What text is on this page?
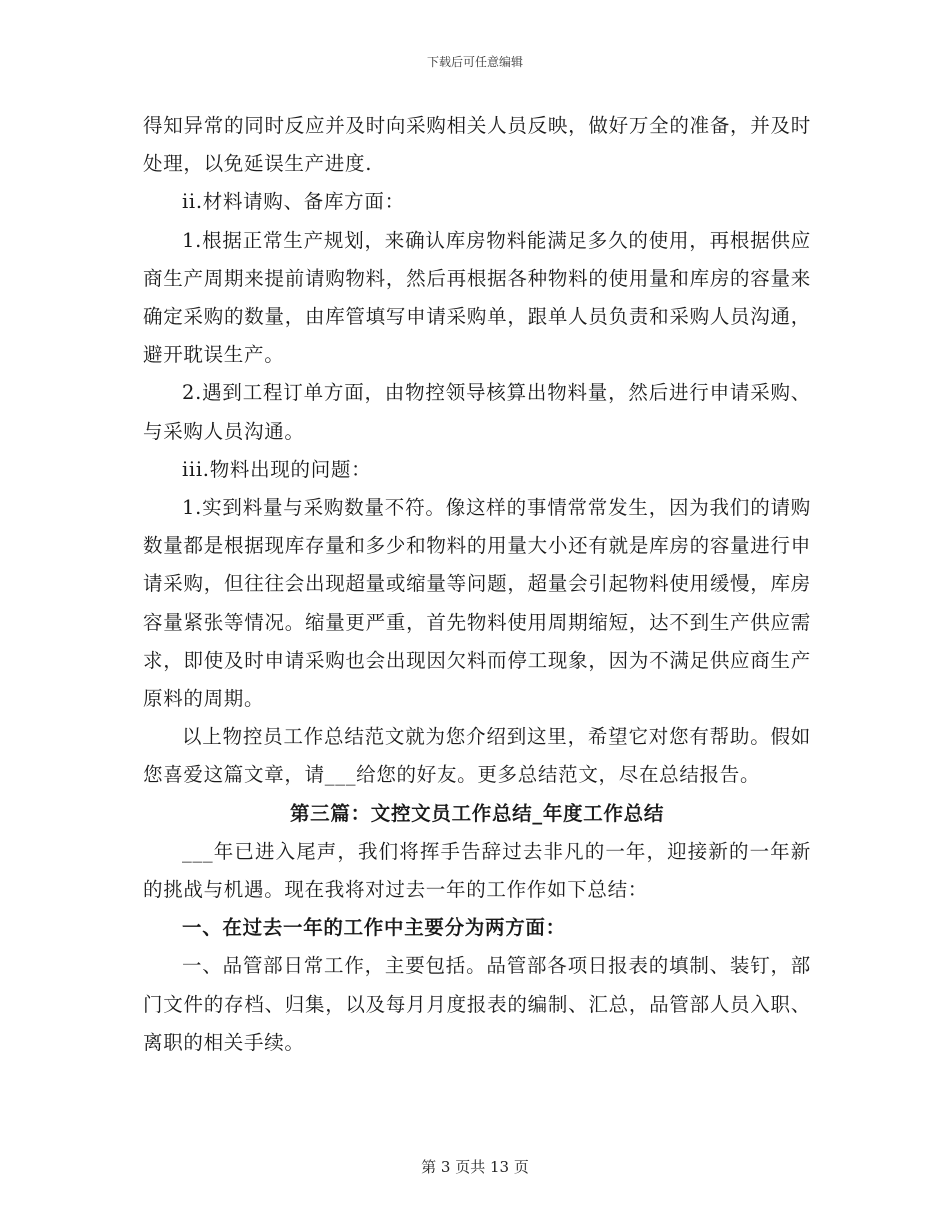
下载后可任意编辑

得知异常的同时反应并及时向采购相关人员反映，做好万全的准备，并及时处理，以免延误生产进度.

ii.材料请购、备库方面：

1.根据正常生产规划，来确认库房物料能满足多久的使用，再根据供应商生产周期来提前请购物料，然后再根据各种物料的使用量和库房的容量来确定采购的数量，由库管填写申请采购单，跟单人员负责和采购人员沟通，避开耽误生产。

2.遇到工程订单方面，由物控领导核算出物料量，然后进行申请采购、与采购人员沟通。

iii.物料出现的问题：

1.实到料量与采购数量不符。像这样的事情常常发生，因为我们的请购数量都是根据现库存量和多少和物料的用量大小还有就是库房的容量进行申请采购，但往往会出现超量或缩量等问题，超量会引起物料使用缓慢，库房容量紧张等情况。缩量更严重，首先物料使用周期缩短，达不到生产供应需求，即使及时申请采购也会出现因欠料而停工现象，因为不满足供应商生产原料的周期。

以上物控员工作总结范文就为您介绍到这里，希望它对您有帮助。假如您喜爱这篇文章，请___给您的好友。更多总结范文，尽在总结报告。

第三篇：文控文员工作总结_年度工作总结

___年已进入尾声，我们将挥手告辞过去非凡的一年，迎接新的一年新的挑战与机遇。现在我将对过去一年的工作作如下总结：

一、在过去一年的工作中主要分为两方面：

一、品管部日常工作，主要包括。品管部各项日报表的填制、装钉，部门文件的存档、归集，以及每月月度报表的编制、汇总，品管部人员入职、离职的相关手续。

第 3 页共 13 页
